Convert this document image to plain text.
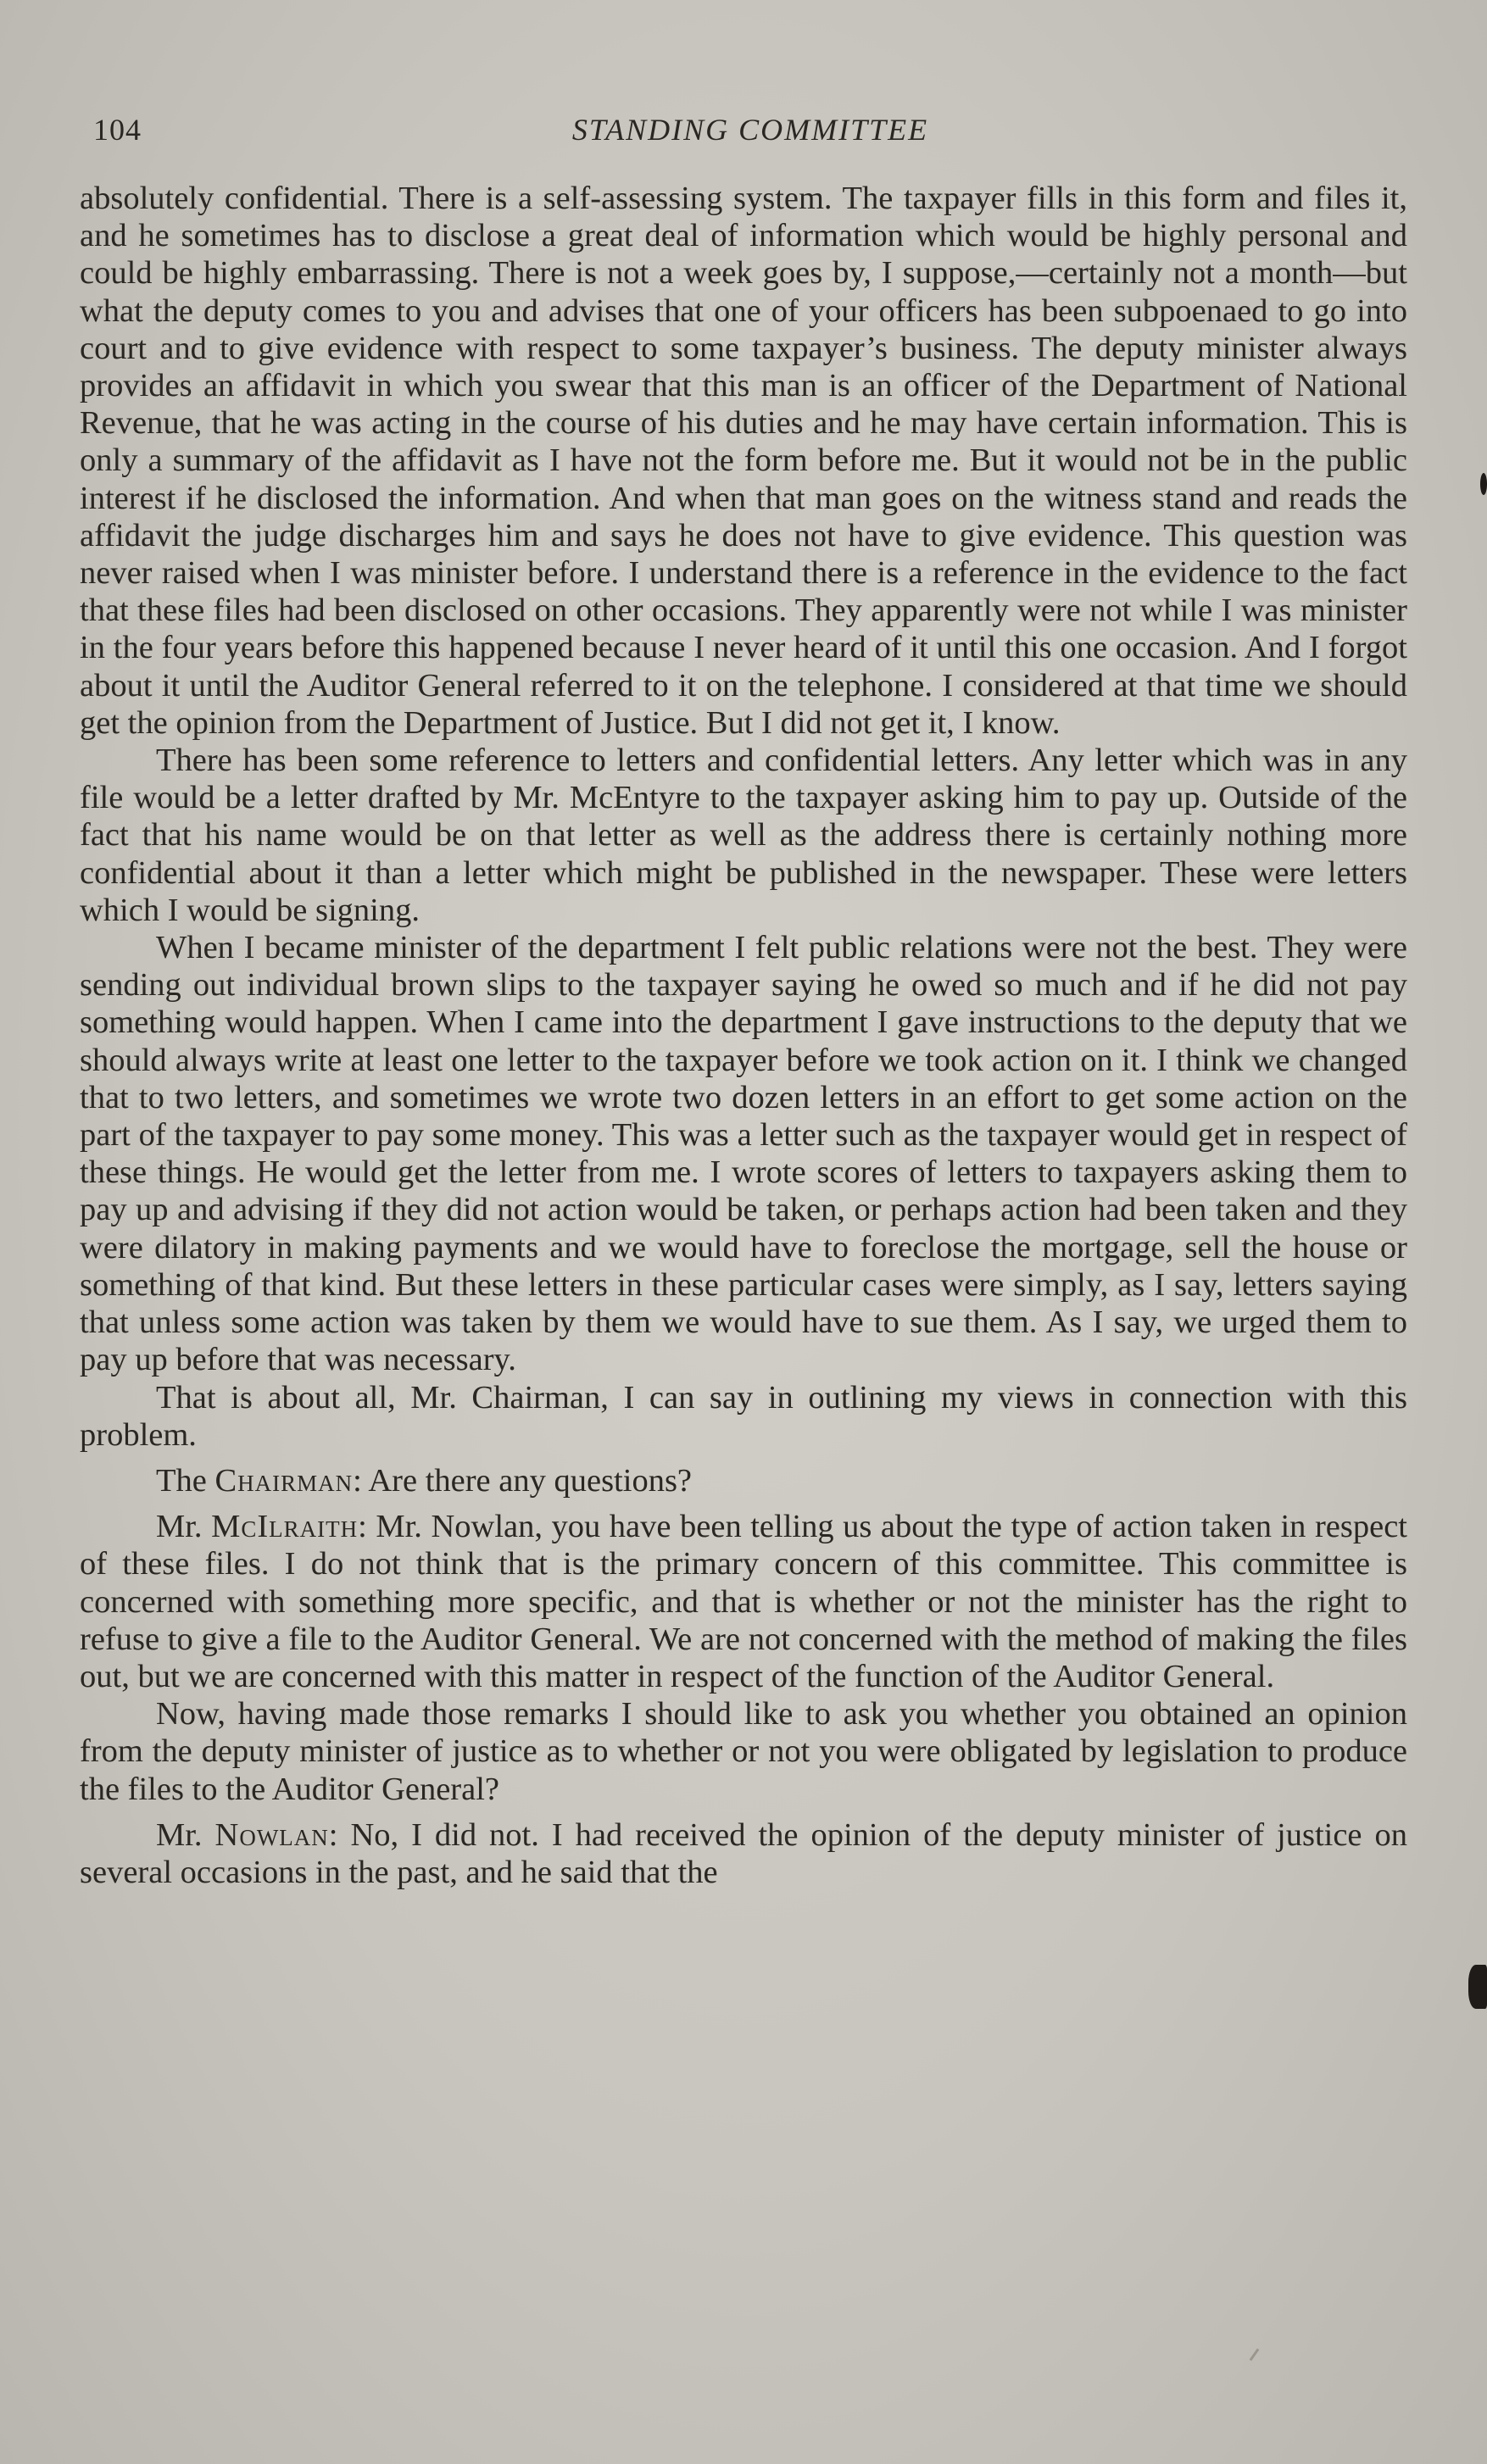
104	STANDING COMMITTEE

absolutely confidential. There is a self-assessing system. The taxpayer fills in this form and files it, and he sometimes has to disclose a great deal of information which would be highly personal and could be highly embarrassing. There is not a week goes by, I suppose,—certainly not a month—but what the deputy comes to you and advises that one of your officers has been subpoenaed to go into court and to give evidence with respect to some taxpayer’s business. The deputy minister always provides an affidavit in which you swear that this man is an officer of the Department of National Revenue, that he was acting in the course of his duties and he may have certain information. This is only a summary of the affidavit as I have not the form before me. But it would not be in the public interest if he disclosed the information. And when that man goes on the witness stand and reads the affidavit the judge discharges him and says he does not have to give evidence. This question was never raised when I was minister before. I understand there is a reference in the evidence to the fact that these files had been disclosed on other occasions. They apparently were not while I was minister in the four years before this happened because I never heard of it until this one occasion. And I forgot about it until the Auditor General referred to it on the telephone. I considered at that time we should get the opinion from the Department of Justice. But I did not get it, I know.

There has been some reference to letters and confidential letters. Any letter which was in any file would be a letter drafted by Mr. McEntyre to the taxpayer asking him to pay up. Outside of the fact that his name would be on that letter as well as the address there is certainly nothing more confidential about it than a letter which might be published in the newspaper. These were letters which I would be signing.

When I became minister of the department I felt public relations were not the best. They were sending out individual brown slips to the taxpayer saying he owed so much and if he did not pay something would happen. When I came into the department I gave instructions to the deputy that we should always write at least one letter to the taxpayer before we took action on it. I think we changed that to two letters, and sometimes we wrote two dozen letters in an effort to get some action on the part of the taxpayer to pay some money. This was a letter such as the taxpayer would get in respect of these things. He would get the letter from me. I wrote scores of letters to taxpayers asking them to pay up and advising if they did not action would be taken, or perhaps action had been taken and they were dilatory in making payments and we would have to foreclose the mortgage, sell the house or something of that kind. But these letters in these particular cases were simply, as I say, letters saying that unless some action was taken by them we would have to sue them. As I say, we urged them to pay up before that was necessary.

That is about all, Mr. Chairman, I can say in outlining my views in connection with this problem.

The Chairman: Are there any questions?

Mr. McIlraith: Mr. Nowlan, you have been telling us about the type of action taken in respect of these files. I do not think that is the primary concern of this committee. This committee is concerned with something more specific, and that is whether or not the minister has the right to refuse to give a file to the Auditor General. We are not concerned with the method of making the files out, but we are concerned with this matter in respect of the function of the Auditor General.

Now, having made those remarks I should like to ask you whether you obtained an opinion from the deputy minister of justice as to whether or not you were obligated by legislation to produce the files to the Auditor General?

Mr. Nowlan: No, I did not. I had received the opinion of the deputy minister of justice on several occasions in the past, and he said that the
